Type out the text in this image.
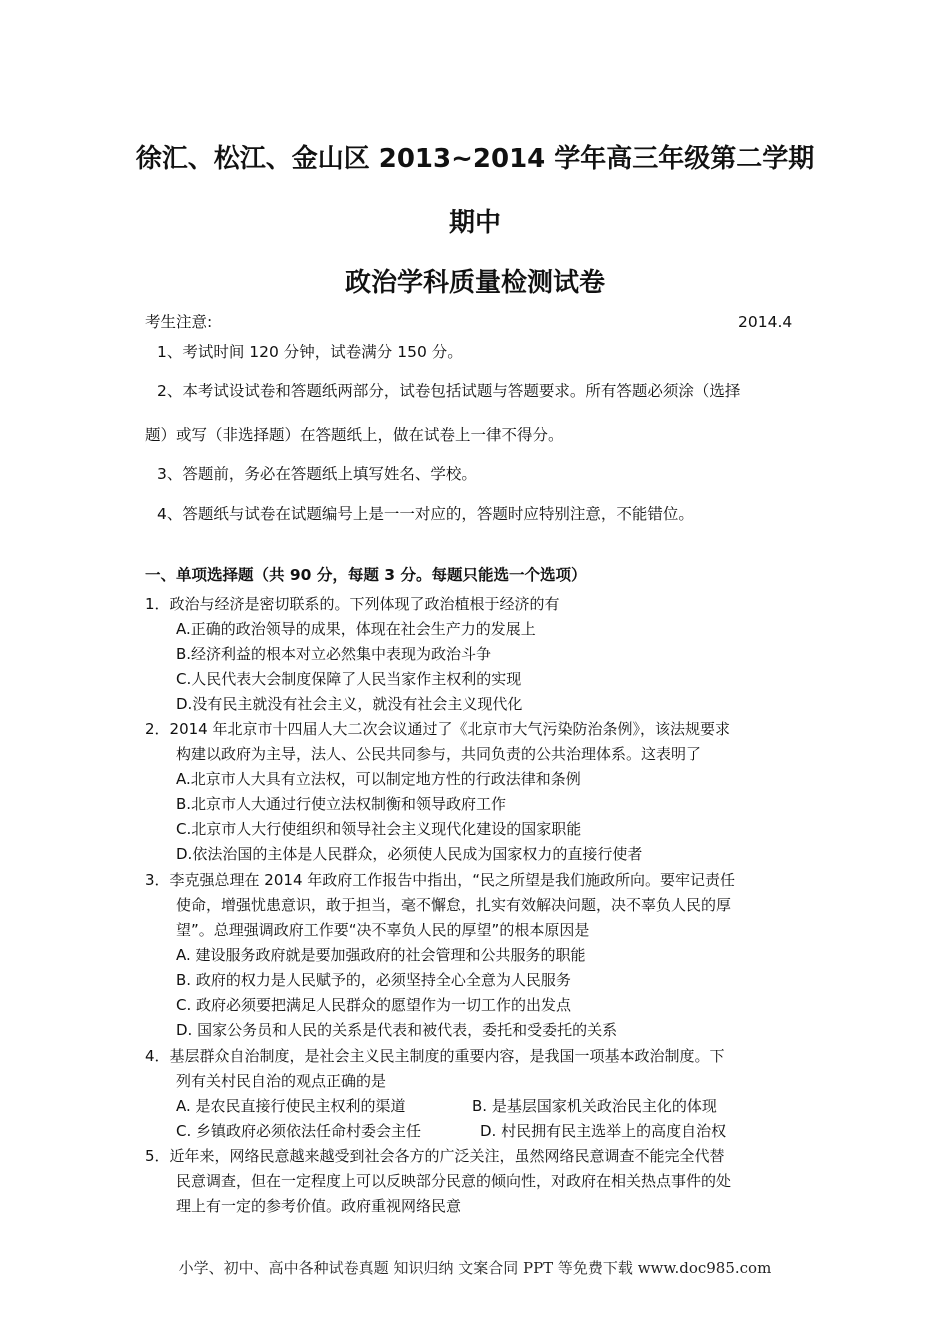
徐汇、松江、金山区 2013~2014 学年高三年级第二学期
期中
政治学科质量检测试卷
考生注意:	2014.4
1、考试时间 120 分钟，试卷满分 150 分。
2、本考试设试卷和答题纸两部分，试卷包括试题与答题要求。所有答题必须涂（选择
题）或写（非选择题）在答题纸上，做在试卷上一律不得分。
3、答题前，务必在答题纸上填写姓名、学校。
4、答题纸与试卷在试题编号上是一一对应的，答题时应特别注意，不能错位。
一、单项选择题（共 90 分，每题 3 分。每题只能选一个选项）
1．政治与经济是密切联系的。下列体现了政治植根于经济的有
A.正确的政治领导的成果，体现在社会生产力的发展上
B.经济利益的根本对立必然集中表现为政治斗争
C.人民代表大会制度保障了人民当家作主权利的实现
D.没有民主就没有社会主义，就没有社会主义现代化
2．2014 年北京市十四届人大二次会议通过了《北京市大气污染防治条例》，该法规要求
构建以政府为主导，法人、公民共同参与，共同负责的公共治理体系。这表明了
A.北京市人大具有立法权，可以制定地方性的行政法律和条例
B.北京市人大通过行使立法权制衡和领导政府工作
C.北京市人大行使组织和领导社会主义现代化建设的国家职能
D.依法治国的主体是人民群众，必须使人民成为国家权力的直接行使者
3．李克强总理在 2014 年政府工作报告中指出，“民之所望是我们施政所向。要牢记责任
使命，增强忧患意识，敢于担当，毫不懈怠，扎实有效解决问题，决不辜负人民的厚
望”。总理强调政府工作要“决不辜负人民的厚望”的根本原因是
A. 建设服务政府就是要加强政府的社会管理和公共服务的职能
B. 政府的权力是人民赋予的，必须坚持全心全意为人民服务
C. 政府必须要把满足人民群众的愿望作为一切工作的出发点
D. 国家公务员和人民的关系是代表和被代表，委托和受委托的关系
4．基层群众自治制度，是社会主义民主制度的重要内容，是我国一项基本政治制度。下
列有关村民自治的观点正确的是
A. 是农民直接行使民主权利的渠道	B. 是基层国家机关政治民主化的体现
C. 乡镇政府必须依法任命村委会主任	D. 村民拥有民主选举上的高度自治权
5．近年来，网络民意越来越受到社会各方的广泛关注，虽然网络民意调查不能完全代替
民意调查，但在一定程度上可以反映部分民意的倾向性，对政府在相关热点事件的处
理上有一定的参考价值。政府重视网络民意
小学、初中、高中各种试卷真题 知识归纳 文案合同 PPT 等免费下载 www.doc985.com
